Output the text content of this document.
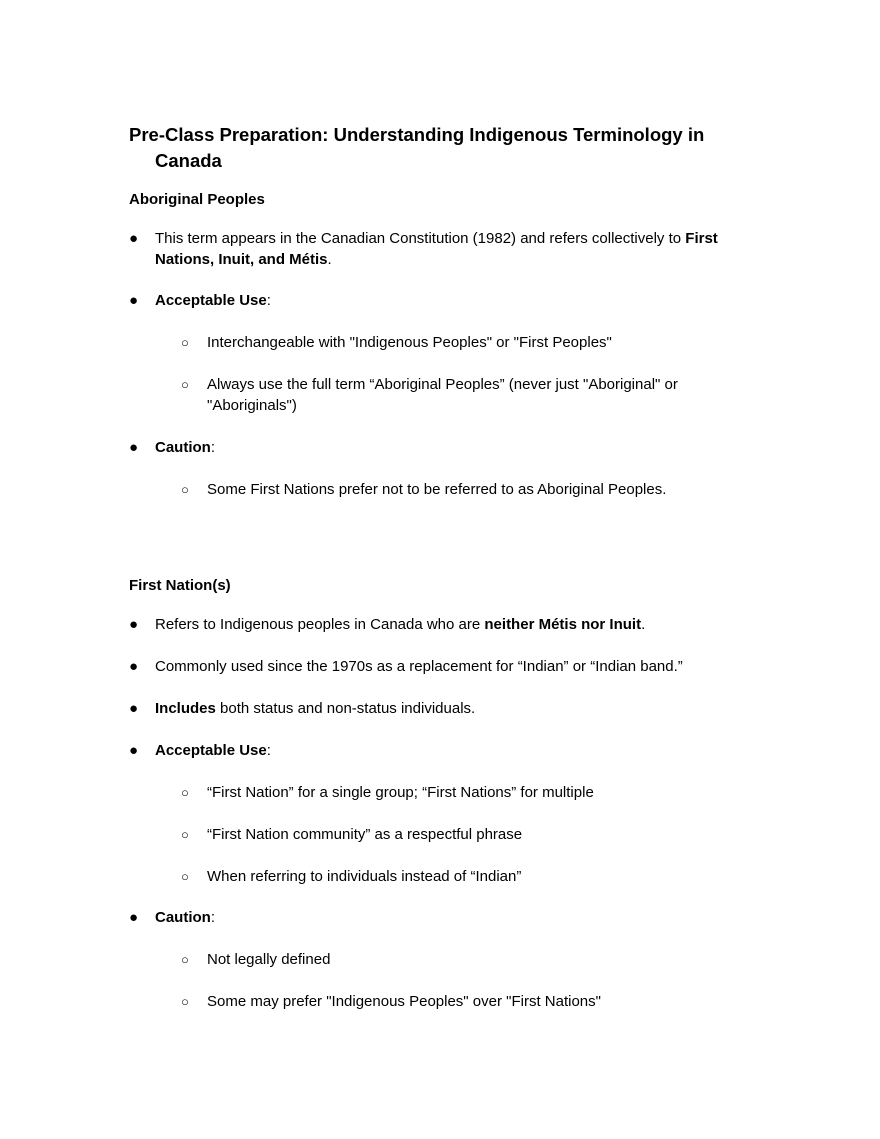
Pre-Class Preparation: Understanding Indigenous Terminology in
Canada
Aboriginal Peoples
● This term appears in the Canadian Constitution (1982) and refers collectively to First Nations, Inuit, and Métis.
● Acceptable Use:
○ Interchangeable with "Indigenous Peoples" or "First Peoples"
○ Always use the full term “Aboriginal Peoples” (never just "Aboriginal" or "Aboriginals")
● Caution:
○ Some First Nations prefer not to be referred to as Aboriginal Peoples.
First Nation(s)
● Refers to Indigenous peoples in Canada who are neither Métis nor Inuit.
● Commonly used since the 1970s as a replacement for “Indian” or “Indian band.”
● Includes both status and non-status individuals.
● Acceptable Use:
○ “First Nation” for a single group; “First Nations” for multiple
○ “First Nation community” as a respectful phrase
○ When referring to individuals instead of “Indian”
● Caution:
○ Not legally defined
○ Some may prefer "Indigenous Peoples" over "First Nations"
